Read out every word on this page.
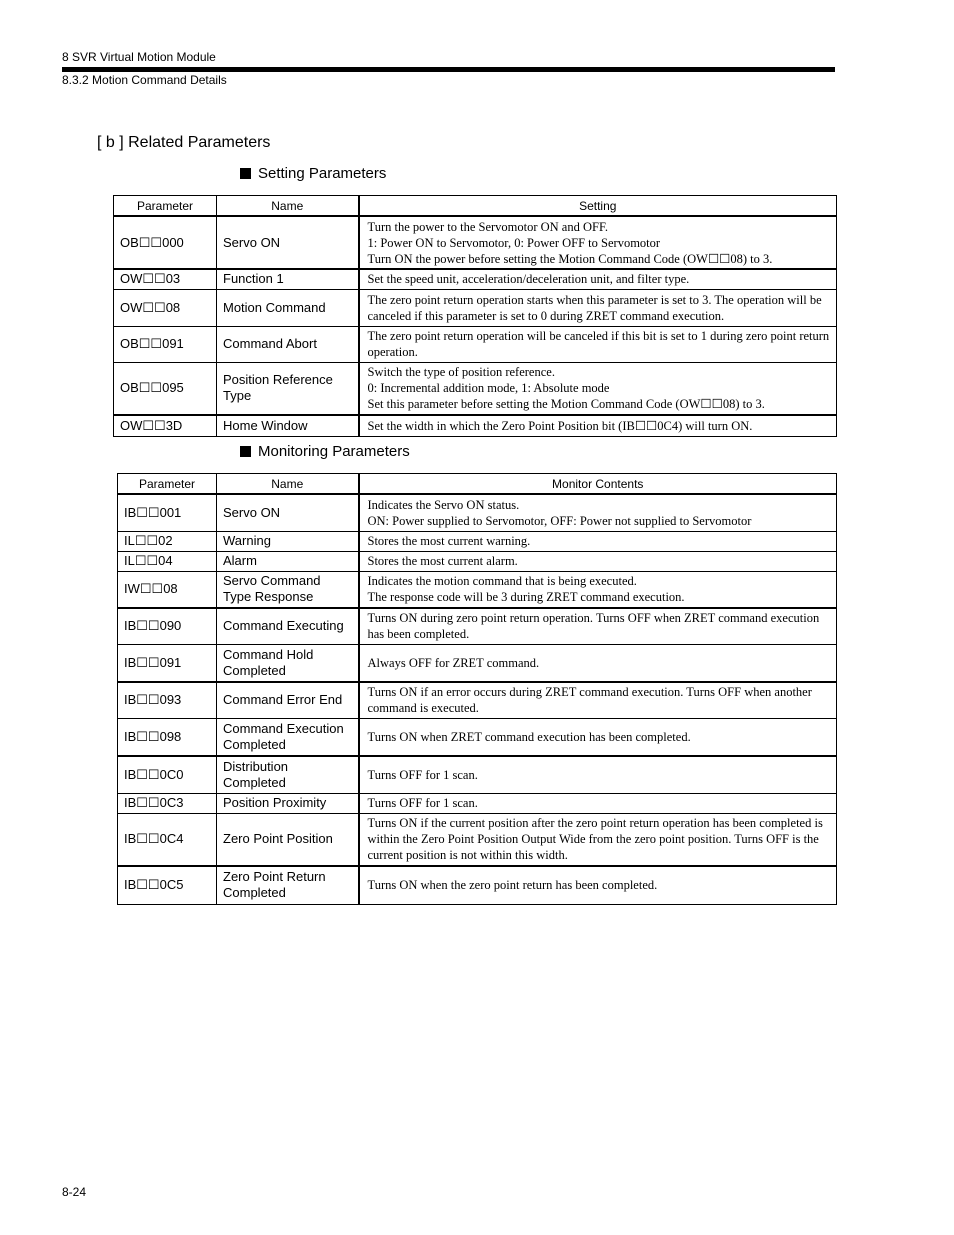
8 SVR Virtual Motion Module
8.3.2 Motion Command Details
[ b ] Related Parameters
Setting Parameters
Parameter	Name	Setting
OB☐☐000	Servo ON	Turn the power to the Servomotor ON and OFF.
1: Power ON to Servomotor, 0: Power OFF to Servomotor
Turn ON the power before setting the Motion Command Code (OW☐☐08) to 3.
OW☐☐03	Function 1	Set the speed unit, acceleration/deceleration unit, and filter type.
OW☐☐08	Motion Command	The zero point return operation starts when this parameter is set to 3. The operation will be canceled if this parameter is set to 0 during ZRET command execution.
OB☐☐091	Command Abort	The zero point return operation will be canceled if this bit is set to 1 during zero point return operation.
OB☐☐095	Position Reference Type	Switch the type of position reference.
0: Incremental addition mode, 1: Absolute mode
Set this parameter before setting the Motion Command Code (OW☐☐08) to 3.
OW☐☐3D	Home Window	Set the width in which the Zero Point Position bit (IB☐☐0C4) will turn ON.
Monitoring Parameters
Parameter	Name	Monitor Contents
IB☐☐001	Servo ON	Indicates the Servo ON status.
ON: Power supplied to Servomotor, OFF: Power not supplied to Servomotor
IL☐☐02	Warning	Stores the most current warning.
IL☐☐04	Alarm	Stores the most current alarm.
IW☐☐08	Servo Command Type Response	Indicates the motion command that is being executed.
The response code will be 3 during ZRET command execution.
IB☐☐090	Command Executing	Turns ON during zero point return operation. Turns OFF when ZRET command execution has been completed.
IB☐☐091	Command Hold Completed	Always OFF for ZRET command.
IB☐☐093	Command Error End	Turns ON if an error occurs during ZRET command execution. Turns OFF when another command is executed.
IB☐☐098	Command Execution Completed	Turns ON when ZRET command execution has been completed.
IB☐☐0C0	Distribution Completed	Turns OFF for 1 scan.
IB☐☐0C3	Position Proximity	Turns OFF for 1 scan.
IB☐☐0C4	Zero Point Position	Turns ON if the current position after the zero point return operation has been completed is within the Zero Point Position Output Wide from the zero point position. Turns OFF is the current position is not within this width.
IB☐☐0C5	Zero Point Return Completed	Turns ON when the zero point return has been completed.
8-24
